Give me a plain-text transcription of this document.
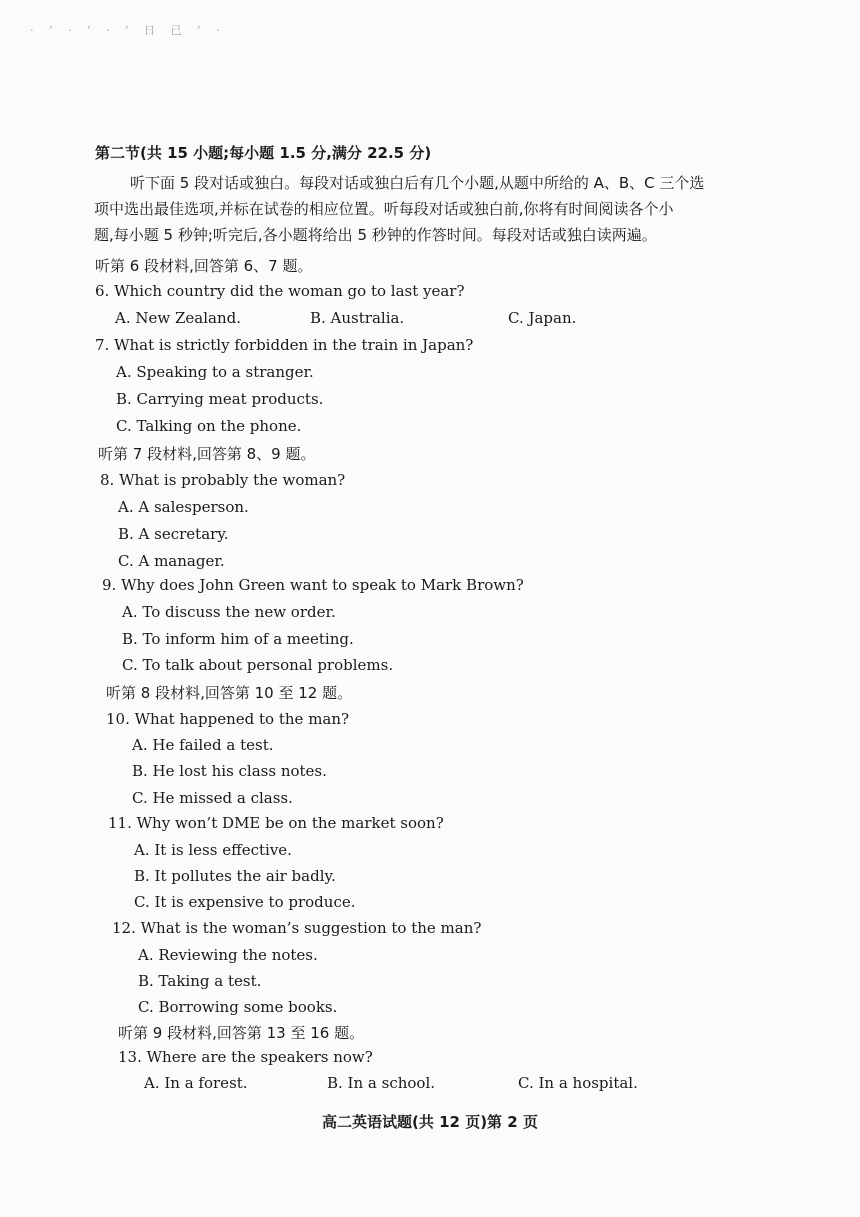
· ’ · ’ · ’ 日 已 ’ ·
第二节(共 15 小题;每小题 1.5 分,满分 22.5 分)
听下面 5 段对话或独白。每段对话或独白后有几个小题,从题中所给的 A、B、C 三个选
项中选出最佳选项,并标在试卷的相应位置。听每段对话或独白前,你将有时间阅读各个小
题,每小题 5 秒钟;听完后,各小题将给出 5 秒钟的作答时间。每段对话或独白读两遍。
听第 6 段材料,回答第 6、7 题。
6. Which country did the woman go to last year?
A. New Zealand.	B. Australia.	C. Japan.
7. What is strictly forbidden in the train in Japan?
A. Speaking to a stranger.
B. Carrying meat products.
C. Talking on the phone.
听第 7 段材料,回答第 8、9 题。
8. What is probably the woman?
A. A salesperson.
B. A secretary.
C. A manager.
9. Why does John Green want to speak to Mark Brown?
A. To discuss the new order.
B. To inform him of a meeting.
C. To talk about personal problems.
听第 8 段材料,回答第 10 至 12 题。
10. What happened to the man?
A. He failed a test.
B. He lost his class notes.
C. He missed a class.
11. Why won’t DME be on the market soon?
A. It is less effective.
B. It pollutes the air badly.
C. It is expensive to produce.
12. What is the woman’s suggestion to the man?
A. Reviewing the notes.
B. Taking a test.
C. Borrowing some books.
听第 9 段材料,回答第 13 至 16 题。
13. Where are the speakers now?
A. In a forest.	B. In a school.	C. In a hospital.
高二英语试题(共 12 页)第 2 页
